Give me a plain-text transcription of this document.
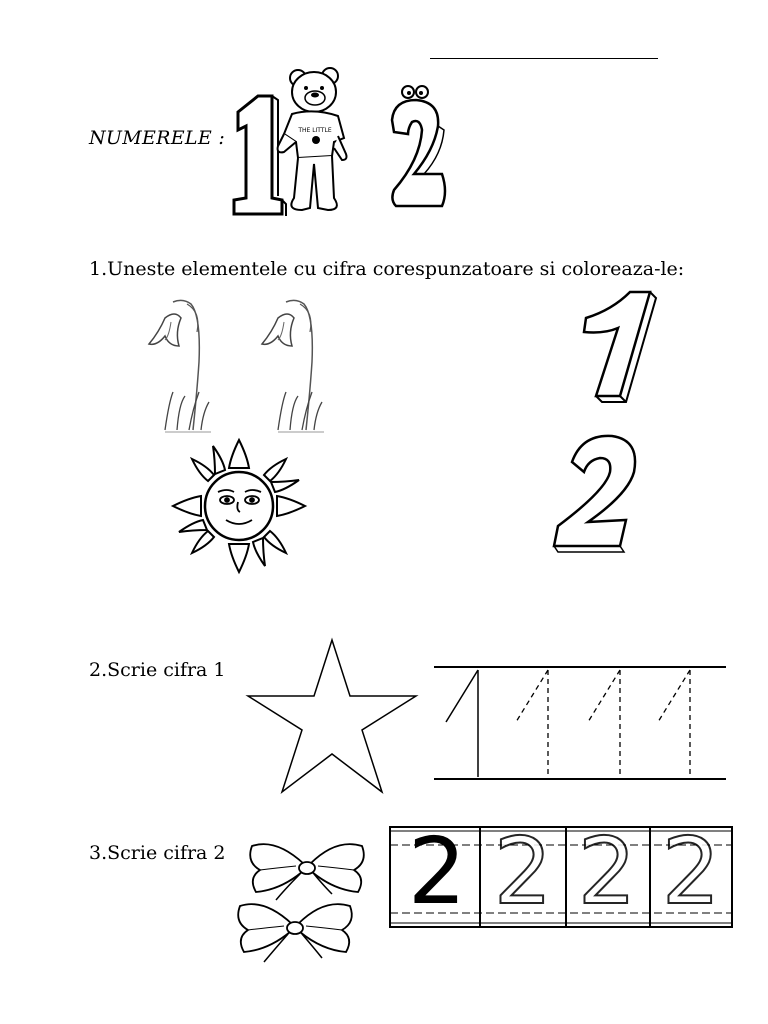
NUMERELE :	THE LITTLE
1.Uneste elementele cu cifra corespunzatoare si coloreaza-le:
2.Scrie cifra 1
3.Scrie cifra 2 2 2 2 2
